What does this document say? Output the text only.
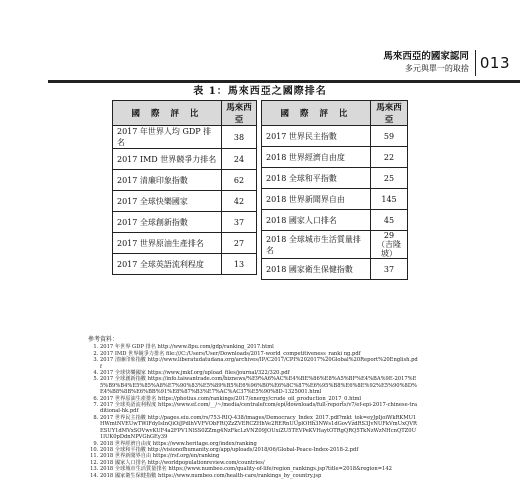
馬來西亞的國家認同
多元與單一的取捨 013
表 1：馬來西亞之國際排名
國 際 評 比	馬來西亞
2017 年世界人均 GDP 排名	38
2017 IMD 世界競爭力排名	24
2017 清廉印象指數	62
2017 全球快樂國家	42
2017 全球創新指數	37
2017 世界原油生產排名	27
2017 全球英語流利程度	13
國 際 評 比	馬來西亞
2017 世界民主指數	59
2018 世界經濟自由度	22
2018 全球和平指數	25
2018 世界新聞界自由	145
2018 國家人口排名	45
2018 全球城市生活質量排名	29
（吉隆坡）

2018 國家衛生保健指數	37
參考資料：
1. 2017 年世界 GDP 排名 http://www.8pu.com/gdp/ranking_2017.html
2. 2017 IMD 世界競爭力排名 file:///C:/Users/User/Downloads/2017-world_competitiveness_ranki ng.pdf
3. 2017 清廉印象指數 http://www.liberatudatudana.org/archives/IP/C2017/CPI%202017%20Global%20Report%20English.pdf
4. 2017 全球快樂國家 https://www.jmkf.org/upload_files/journal/322/320.pdf
5. 2017 全球創新指數 https://info.taiwantrade.com/biznews/%E9%A6%AC%E4%BE%86%E8%A5%BF%E4%BA%9E-2017%E5%B9%B4%E5%85%A8%E7%90%83%E5%89%B5%E6%96%B0%E6%8C%87%E6%95%B8%E6%8E%92%E5%90%8D%E4%B8%8B%E6%BB%91%E8%87%B3%E7%AC%AC37%E5%90%8D-1325001.html
6. 2017 世界原油生產排名 https://photius.com/rankings/2017/energy/crude_oil_production_2017_0.html
7. 2017 全球英語流利程度 https://www.ef.com/__/~/media/centralefcom/epi/downloads/full-reports/v7/ef-epi-2017-chinese-traditional-hk.pdf
8. 2017 世界民主指數 http://pages.eiu.com/rs/753-RIQ-438/images/Democracy_Index_2017.pdf?mkt_tok=eyJpIjoiWkRKMU1HWmtNVEUwTWlFdyIsInQiOiJPdlhVVFVObFRQZzZVERCZHhVe2RERnUUplOHh3NWs1dGovVzdRS3JvNUFkVmUxQVRESUY1dMVxSOVwvKUF4a2FPV1NlSS0ZZmg4NzFkcLzVNZ09JOUxiZU5TEVPeKVHaytOTRgQRQ5TkNzWzNHcnQTZ0U1lUK0pDdnNPVGhGEy39
9. 2018 世界經濟自由度 https://www.heritage.org/index/ranking
10. 2018 全球和平指數 http://visionofhumanity.org/app/uploads/2018/06/Global-Peace-Index-2018-2.pdf
11. 2018 世界新聞界自由 https://rsf.org/en/ranking
12. 2018 國家人口排名 http://worldpopulationreview.com/countries/
13. 2018 全球城市生活質量排名 https://www.numbeo.com/quality-of-life/region_rankings.jsp?title=2018&region=142
14. 2018 國家衛生保健指數 https://www.numbeo.com/health-care/rankings_by_country.jsp
